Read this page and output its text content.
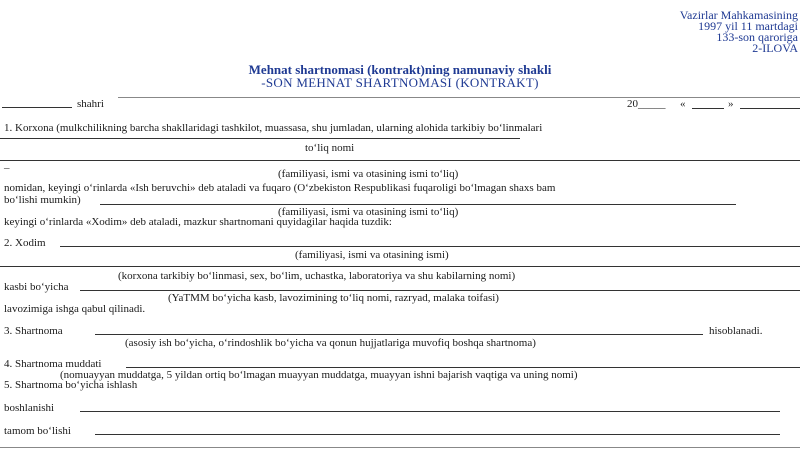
Vazirlar Mahkamasining
1997 yil 11 martdagi
133-son qaroriga
2-ILOVA
Mehnat shartnomasi (kontrakt)ning namunaviy shakli
-SON MEHNAT SHARTNOMASI (KONTRAKT)
shahri	20_____ «	»
1. Korxona (mulkchilikning barcha shakllaridagi tashkilot, muassasa, shu jumladan, ularning alohida tarkibiy bo‘linmalari
to‘liq nomi
–	(familiyasi, ismi va otasining ismi to‘liq)
nomidan, keyingi o‘rinlarda «Ish beruvchi» deb ataladi va fuqaro (O‘zbekiston Respublikasi fuqaroligi bo‘lmagan shaxs bam
bo‘lishi mumkin)
(familiyasi, ismi va otasining ismi to‘liq)
keyingi o‘rinlarda «Xodim» deb ataladi, mazkur shartnomani quyidagilar haqida tuzdik:
2. Xodim
(familiyasi, ismi va otasining ismi)
(korxona tarkibiy bo‘linmasi, sex, bo‘lim, uchastka, laboratoriya va shu kabilarning nomi)
kasbi bo‘yicha
(YaTMM bo‘yicha kasb, lavozimining to‘liq nomi, razryad, malaka toifasi)
lavozimiga ishga qabul qilinadi.
3. Shartnoma	hisoblanadi.
(asosiy ish bo‘yicha, o‘rindoshlik bo‘yicha va qonun hujjatlariga muvofiq boshqa shartnoma)
4. Shartnoma muddati
(nomuayyan muddatga, 5 yildan ortiq bo‘lmagan muayyan muddatga, muayyan ishni bajarish vaqtiga va uning nomi)
5. Shartnoma bo‘yicha ishlash
boshlanishi
tamom bo‘lishi
